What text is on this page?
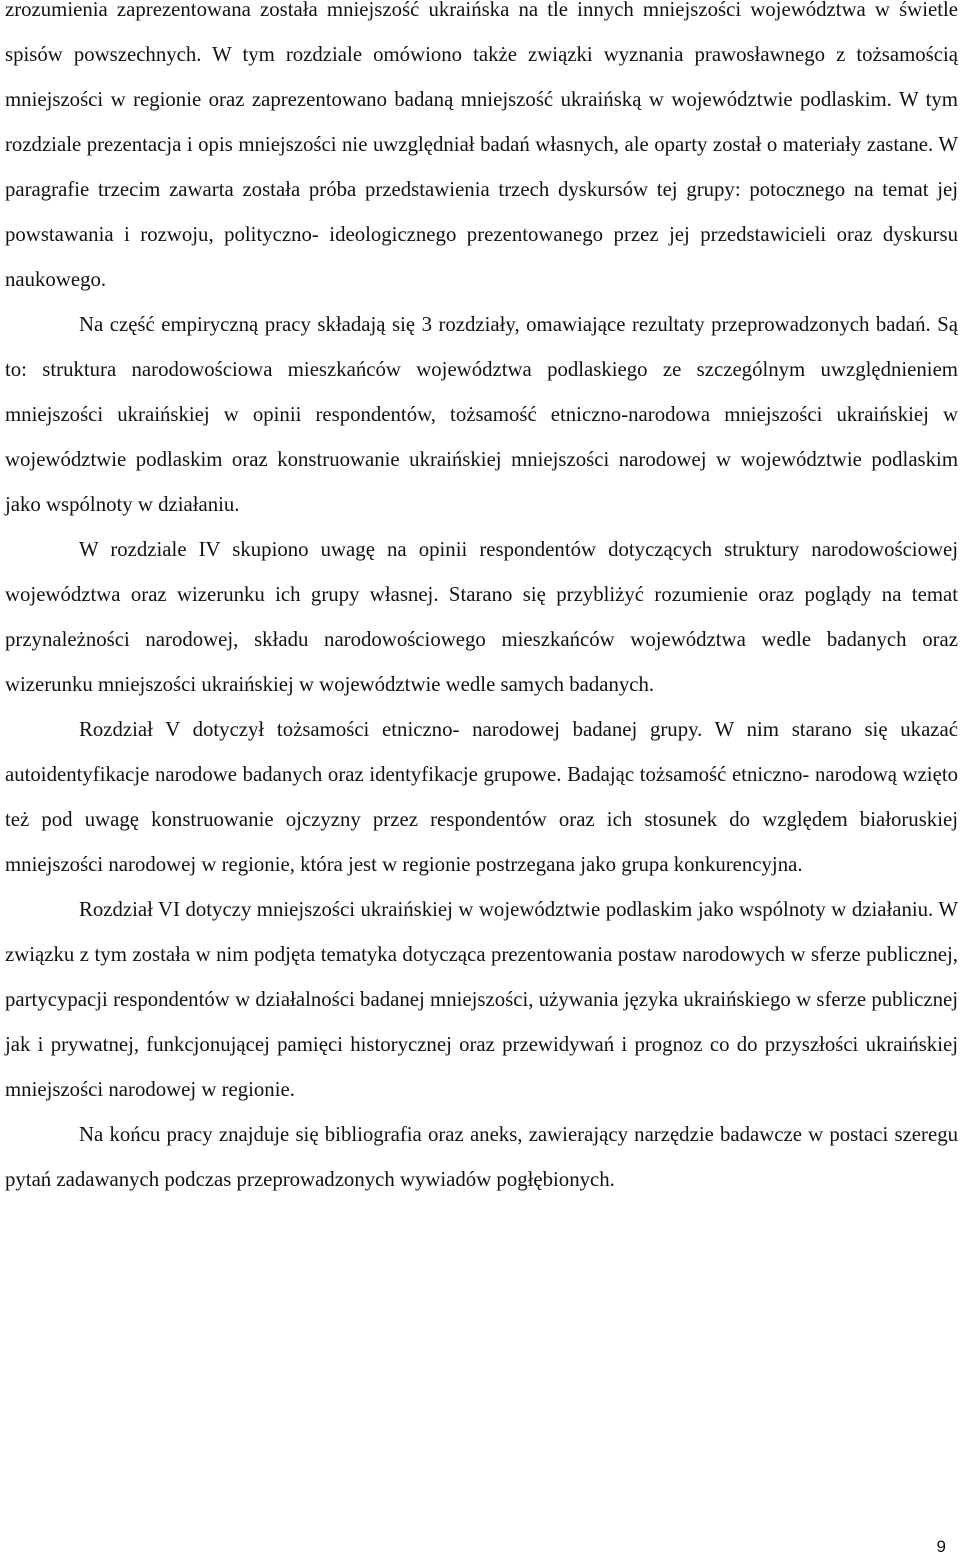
zrozumienia zaprezentowana została mniejszość ukraińska na tle innych mniejszości województwa w świetle spisów powszechnych. W tym rozdziale omówiono także związki wyznania prawosławnego z tożsamością mniejszości w regionie oraz zaprezentowano badaną mniejszość ukraińską w województwie podlaskim. W tym rozdziale prezentacja i opis mniejszości nie uwzględniał badań własnych, ale oparty został o materiały zastane. W paragrafie trzecim zawarta została próba przedstawienia trzech dyskursów tej grupy: potocznego na temat jej powstawania i rozwoju, polityczno- ideologicznego prezentowanego przez jej przedstawicieli oraz dyskursu naukowego.

Na część empiryczną pracy składają się 3 rozdziały, omawiające rezultaty przeprowadzonych badań. Są to: struktura narodowościowa mieszkańców województwa podlaskiego ze szczególnym uwzględnieniem mniejszości ukraińskiej w opinii respondentów, tożsamość etniczno-narodowa mniejszości ukraińskiej w województwie podlaskim oraz konstruowanie ukraińskiej mniejszości narodowej w województwie podlaskim jako wspólnoty w działaniu.

W rozdziale IV skupiono uwagę na opinii respondentów dotyczących struktury narodowościowej województwa oraz wizerunku ich grupy własnej. Starano się przybliżyć rozumienie oraz poglądy na temat przynależności narodowej, składu narodowościowego mieszkańców województwa wedle badanych oraz wizerunku mniejszości ukraińskiej w województwie wedle samych badanych.

Rozdział V dotyczył tożsamości etniczno- narodowej badanej grupy. W nim starano się ukazać autoidentyfikacje narodowe badanych oraz identyfikacje grupowe. Badając tożsamość etniczno- narodową wzięto też pod uwagę konstruowanie ojczyzny przez respondentów oraz ich stosunek do względem białoruskiej mniejszości narodowej w regionie, która jest w regionie postrzegana jako grupa konkurencyjna.

Rozdział VI dotyczy mniejszości ukraińskiej w województwie podlaskim jako wspólnoty w działaniu. W związku z tym została w nim podjęta tematyka dotycząca prezentowania postaw narodowych w sferze publicznej, partycypacji respondentów w działalności badanej mniejszości, używania języka ukraińskiego w sferze publicznej jak i prywatnej, funkcjonującej pamięci historycznej oraz przewidywań i prognoz co do przyszłości ukraińskiej mniejszości narodowej w regionie.

Na końcu pracy znajduje się bibliografia oraz aneks, zawierający narzędzie badawcze w postaci szeregu pytań zadawanych podczas przeprowadzonych wywiadów pogłębionych.

9
